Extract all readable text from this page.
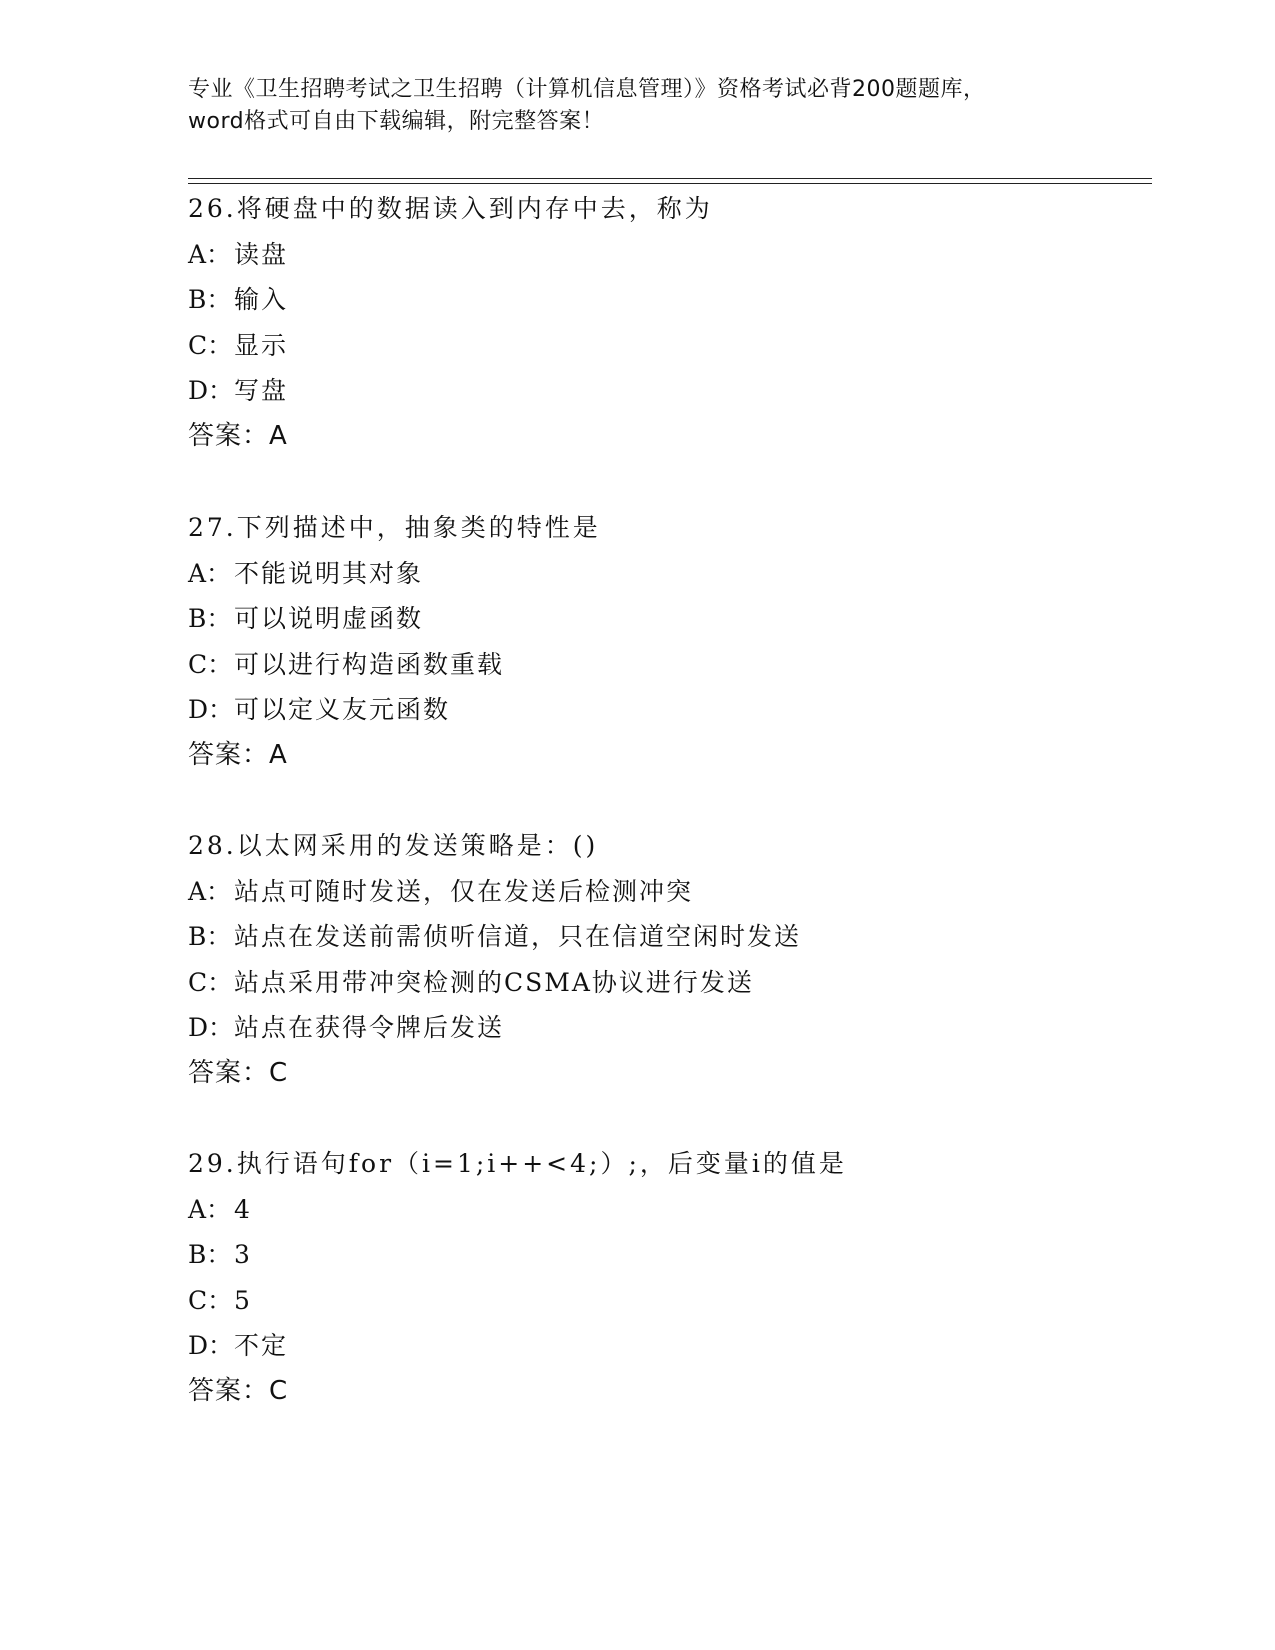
专业《卫生招聘考试之卫生招聘（计算机信息管理）》资格考试必背200题题库，
word格式可自由下载编辑，附完整答案！
26.将硬盘中的数据读入到内存中去，称为
A： 读盘
B： 输入
C：显示
D：写盘
答案：A
27.下列描述中，抽象类的特性是
A： 不能说明其对象
B： 可以说明虚函数
C：可以进行构造函数重载
D：可以定义友元函数
答案：A
28.以太网采用的发送策略是：()
A： 站点可随时发送，仅在发送后检测冲突
B： 站点在发送前需侦听信道，只在信道空闲时发送
C：站点采用带冲突检测的CSMA协议进行发送
D：站点在获得令牌后发送
答案：C
29.执行语句for（i=1;i++<4;）;，后变量i的值是
A： 4
B： 3
C：5
D：不定
答案：C
